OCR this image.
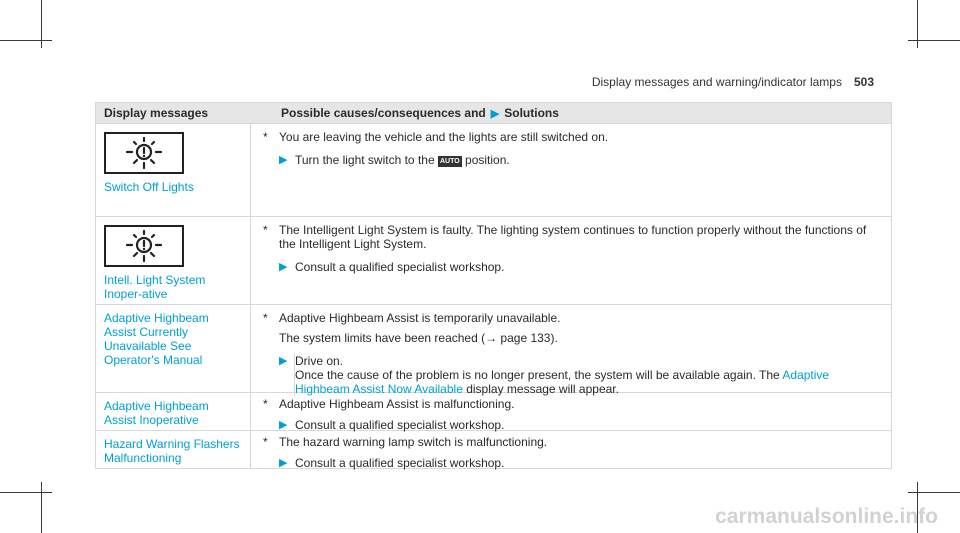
Display messages and warning/indicator lamps 503
Display messages	Possible causes/consequences and ▶ Solutions
Switch Off Lights
* You are leaving the vehicle and the lights are still switched on.
▶ Turn the light switch to the AUTO position.
Intell. Light System Inoper-ative
* The Intelligent Light System is faulty. The lighting system continues to function properly without the functions of the Intelligent Light System.
▶ Consult a qualified specialist workshop.
Adaptive Highbeam Assist Currently Unavailable See Operator's Manual
* Adaptive Highbeam Assist is temporarily unavailable.
The system limits have been reached (→ page 133).
▶ Drive on.
Once the cause of the problem is no longer present, the system will be available again. The Adaptive Highbeam Assist Now Available display message will appear.
Adaptive Highbeam Assist Inoperative
* Adaptive Highbeam Assist is malfunctioning.
▶ Consult a qualified specialist workshop.
Hazard Warning Flashers Malfunctioning
* The hazard warning lamp switch is malfunctioning.
▶ Consult a qualified specialist workshop.
carmanualsonline.info
